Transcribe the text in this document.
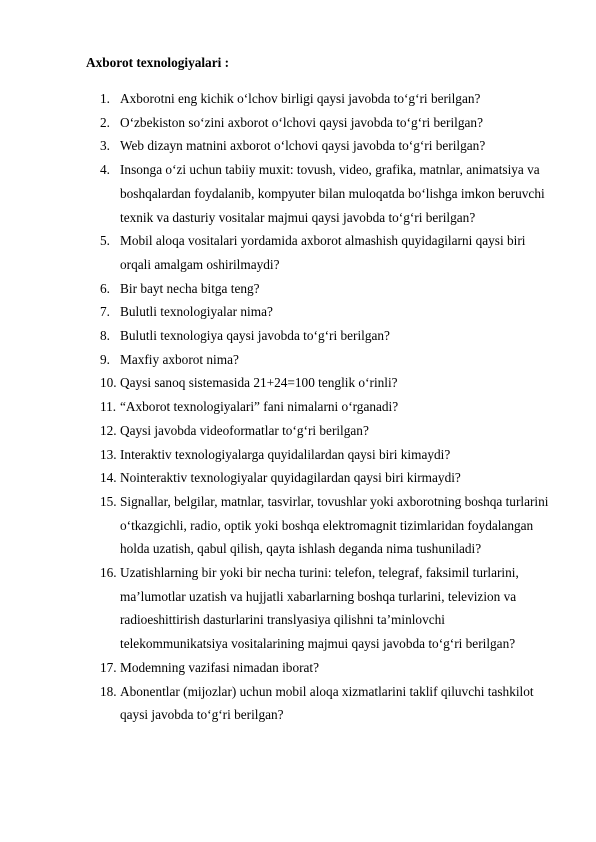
Axborot texnologiyalari :
1. Axborotni eng kichik o‘lchov birligi qaysi javobda to‘g‘ri berilgan?
2. O‘zbekiston so‘zini axborot o‘lchovi qaysi javobda to‘g‘ri berilgan?
3. Web dizayn matnini axborot o‘lchovi qaysi javobda to‘g‘ri berilgan?
4. Insonga o‘zi uchun tabiiy muxit: tovush, video, grafika, matnlar, animatsiya va boshqalardan foydalanib, kompyuter bilan muloqatda bo‘lishga imkon beruvchi texnik va dasturiy vositalar majmui qaysi javobda to‘g‘ri berilgan?
5. Mobil aloqa vositalari yordamida axborot almashish quyidagilarni qaysi biri orqali amalgam oshirilmaydi?
6. Bir bayt necha bitga teng?
7. Bulutli texnologiyalar nima?
8. Bulutli texnologiya qaysi javobda to‘g‘ri berilgan?
9. Maxfiy axborot nima?
10. Qaysi sanoq sistemasida 21+24=100 tenglik o‘rinli?
11. “Axborot texnologiyalari” fani nimalarni o‘rganadi?
12. Qaysi javobda videoformatlar to‘g‘ri berilgan?
13. Interaktiv texnologiyalarga quyidalilardan qaysi biri kimaydi?
14. Nointeraktiv texnologiyalar quyidagilardan qaysi biri kirmaydi?
15. Signallar, belgilar, matnlar, tasvirlar, tovushlar yoki axborotning boshqa turlarini o‘tkazgichli, radio, optik yoki boshqa elektromagnit tizimlaridan foydalangan holda uzatish, qabul qilish, qayta ishlash deganda nima tushuniladi?
16. Uzatishlarning bir yoki bir necha turini: telefon, telegraf, faksimil turlarini, ma’lumotlar uzatish va hujjatli xabarlarning boshqa turlarini, televizion va radioeshittirish dasturlarini translyasiya qilishni ta’minlovchi telekommunikatsiya vositalarining majmui qaysi javobda to‘g‘ri berilgan?
17. Modemning vazifasi nimadan iborat?
18. Abonentlar (mijozlar) uchun mobil aloqa xizmatlarini taklif qiluvchi tashkilot qaysi javobda to‘g‘ri berilgan?
